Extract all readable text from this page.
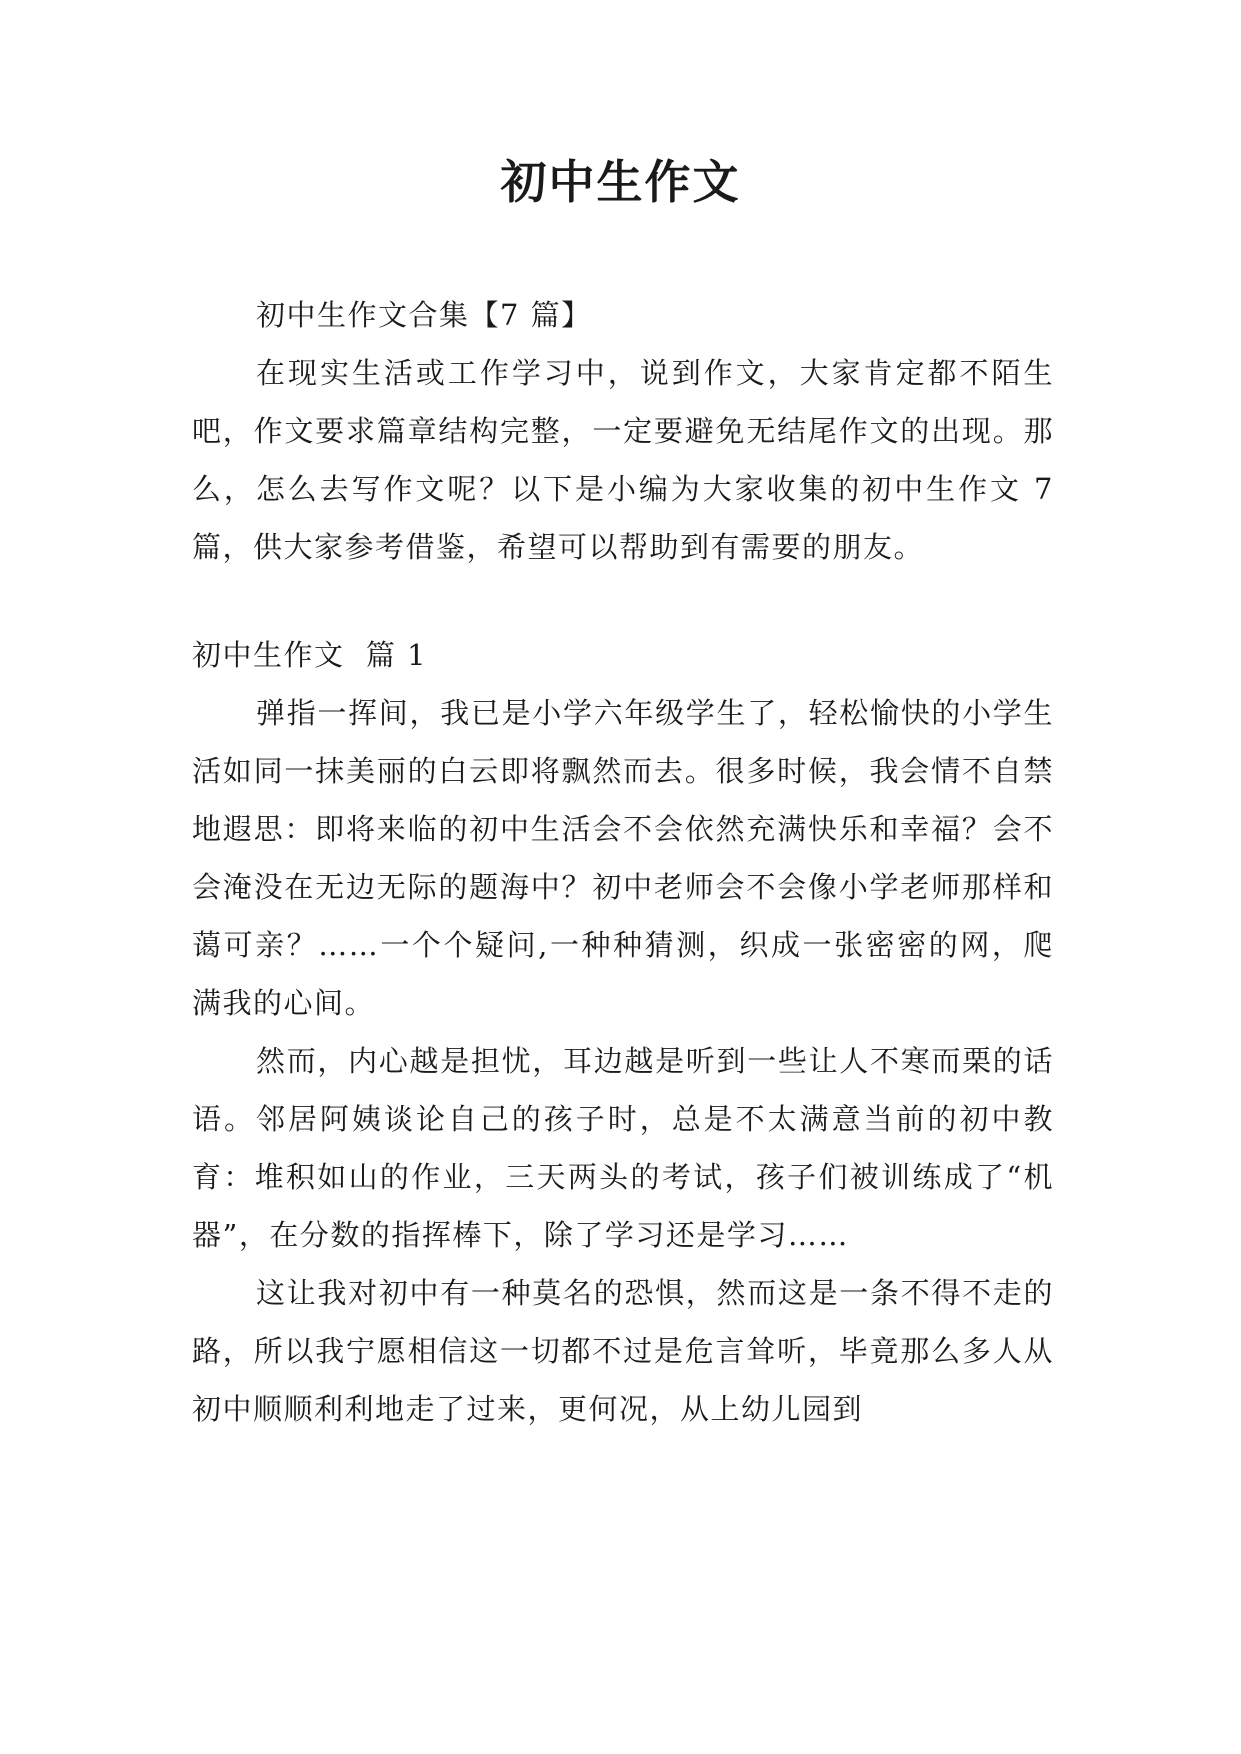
初中生作文

初中生作文合集【7 篇】

在现实生活或工作学习中，说到作文，大家肯定都不陌生吧，作文要求篇章结构完整，一定要避免无结尾作文的出现。那么，怎么去写作文呢？以下是小编为大家收集的初中生作文 7 篇，供大家参考借鉴，希望可以帮助到有需要的朋友。

初中生作文  篇 1

弹指一挥间，我已是小学六年级学生了，轻松愉快的小学生活如同一抹美丽的白云即将飘然而去。很多时候，我会情不自禁地遐思：即将来临的初中生活会不会依然充满快乐和幸福？会不会淹没在无边无际的题海中？初中老师会不会像小学老师那样和蔼可亲？……一个个疑问,一种种猜测，织成一张密密的网，爬满我的心间。

然而，内心越是担忧，耳边越是听到一些让人不寒而栗的话语。邻居阿姨谈论自己的孩子时，总是不太满意当前的初中教育：堆积如山的作业，三天两头的考试，孩子们被训练成了“机器”，在分数的指挥棒下，除了学习还是学习……

这让我对初中有一种莫名的恐惧，然而这是一条不得不走的路，所以我宁愿相信这一切都不过是危言耸听，毕竟那么多人从初中顺顺利利地走了过来，更何况，从上幼儿园到
